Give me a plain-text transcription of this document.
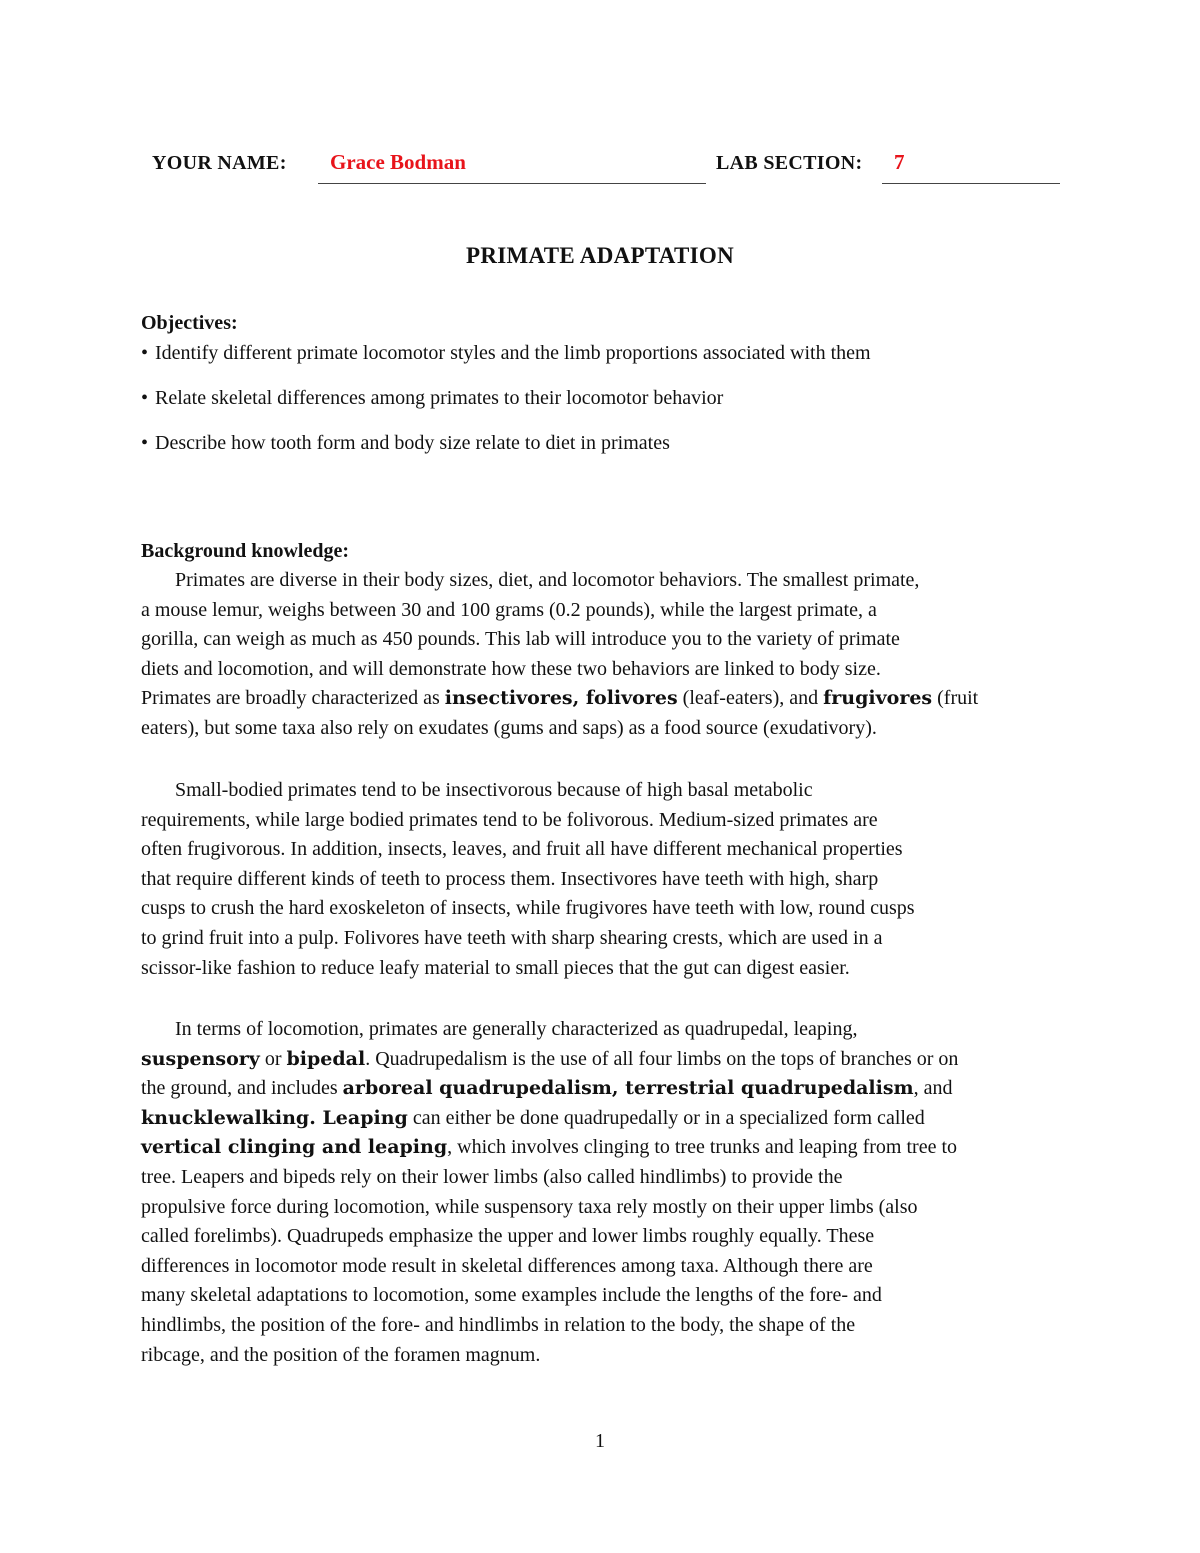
YOUR NAME: Grace Bodman	LAB SECTION: 7
PRIMATE ADAPTATION
Objectives:
• Identify different primate locomotor styles and the limb proportions associated with them
• Relate skeletal differences among primates to their locomotor behavior
• Describe how tooth form and body size relate to diet in primates
Background knowledge:
Primates are diverse in their body sizes, diet, and locomotor behaviors. The smallest primate,
a mouse lemur, weighs between 30 and 100 grams (0.2 pounds), while the largest primate, a
gorilla, can weigh as much as 450 pounds. This lab will introduce you to the variety of primate
diets and locomotion, and will demonstrate how these two behaviors are linked to body size.
Primates are broadly characterized as insectivores, folivores (leaf-eaters), and frugivores (fruit
eaters), but some taxa also rely on exudates (gums and saps) as a food source (exudativory).
Small-bodied primates tend to be insectivorous because of high basal metabolic
requirements, while large bodied primates tend to be folivorous. Medium-sized primates are
often frugivorous. In addition, insects, leaves, and fruit all have different mechanical properties
that require different kinds of teeth to process them. Insectivores have teeth with high, sharp
cusps to crush the hard exoskeleton of insects, while frugivores have teeth with low, round cusps
to grind fruit into a pulp. Folivores have teeth with sharp shearing crests, which are used in a
scissor-like fashion to reduce leafy material to small pieces that the gut can digest easier.
In terms of locomotion, primates are generally characterized as quadrupedal, leaping,
suspensory or bipedal. Quadrupedalism is the use of all four limbs on the tops of branches or on
the ground, and includes arboreal quadrupedalism, terrestrial quadrupedalism, and
knucklewalking. Leaping can either be done quadrupedally or in a specialized form called
vertical clinging and leaping, which involves clinging to tree trunks and leaping from tree to
tree. Leapers and bipeds rely on their lower limbs (also called hindlimbs) to provide the
propulsive force during locomotion, while suspensory taxa rely mostly on their upper limbs (also
called forelimbs). Quadrupeds emphasize the upper and lower limbs roughly equally. These
differences in locomotor mode result in skeletal differences among taxa. Although there are
many skeletal adaptations to locomotion, some examples include the lengths of the fore- and
hindlimbs, the position of the fore- and hindlimbs in relation to the body, the shape of the
ribcage, and the position of the foramen magnum.
1
